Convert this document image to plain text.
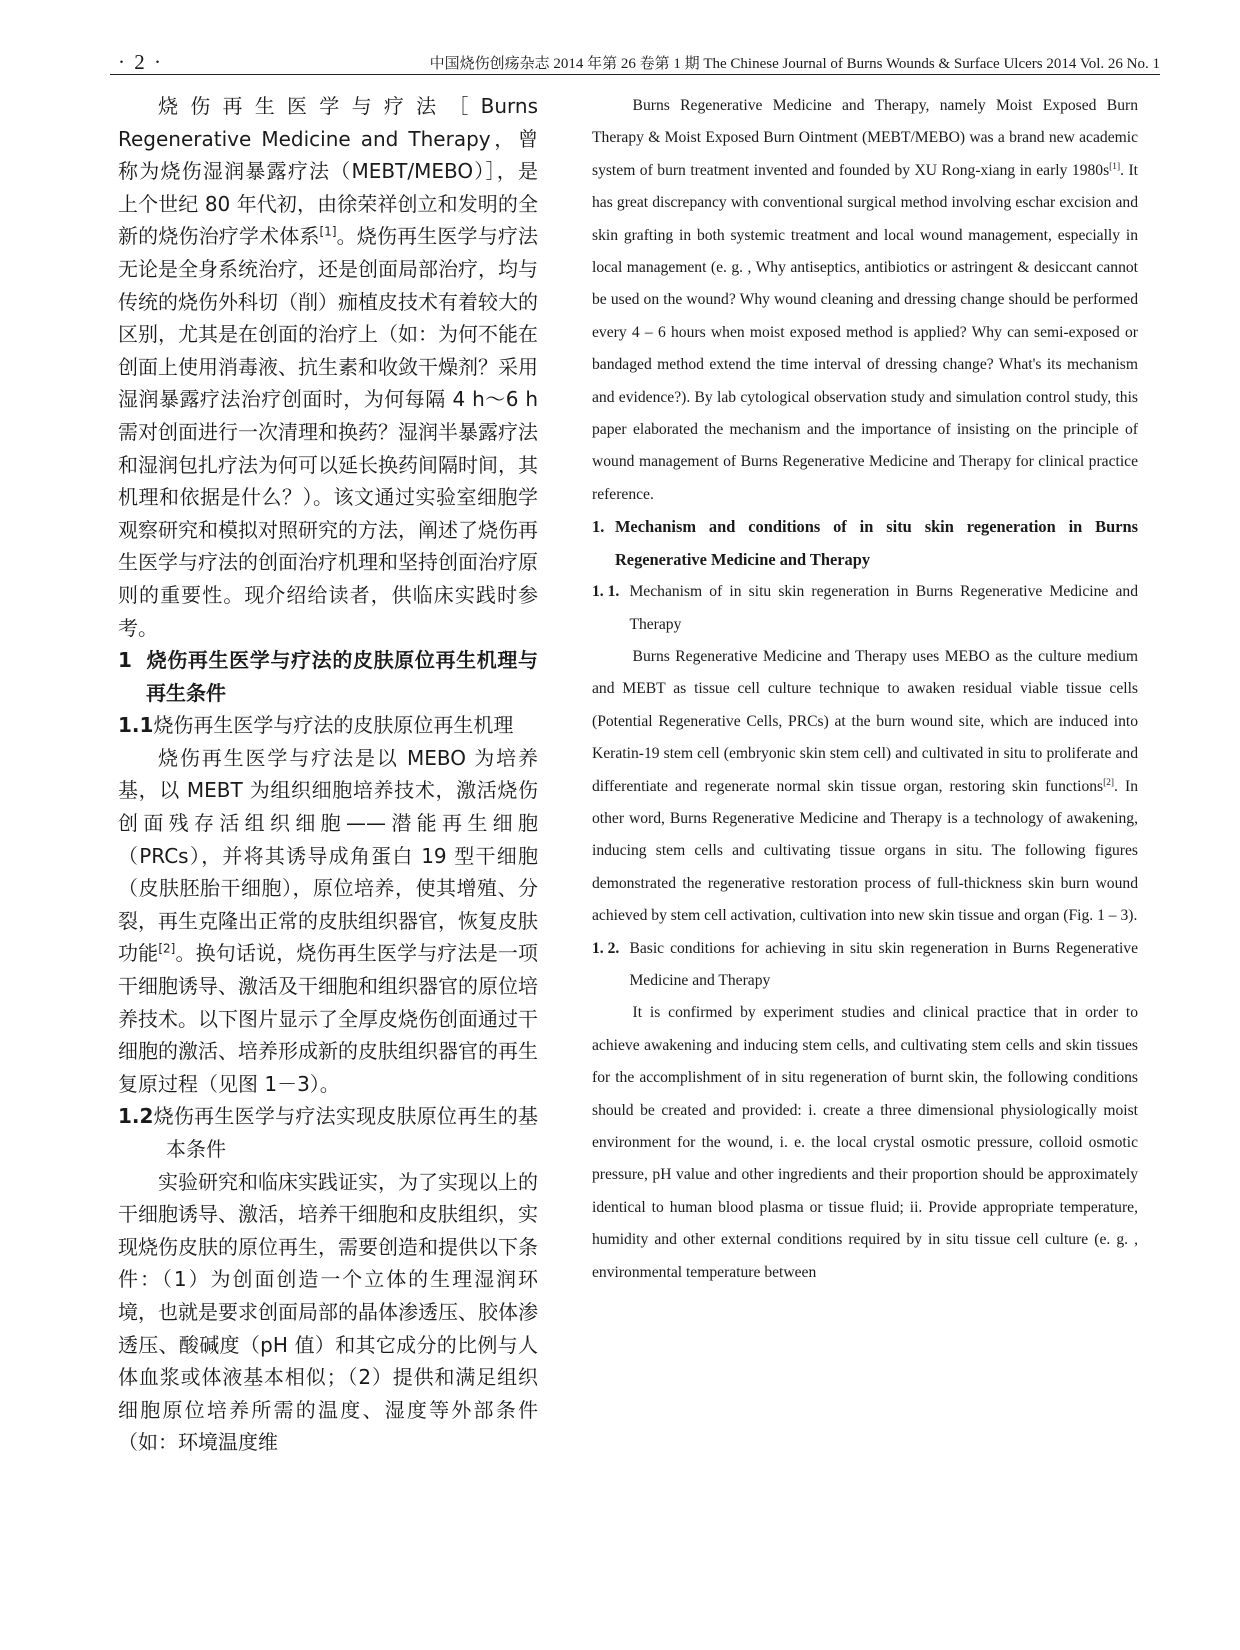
· 2 ·	中国烧伤创疡杂志 2014 年第 26 卷第 1 期 The Chinese Journal of Burns Wounds & Surface Ulcers 2014 Vol. 26 No. 1

烧伤再生医学与疗法［Burns Regenerative Medicine and Therapy，曾称为烧伤湿润暴露疗法（MEBT/MEBO）］，是上个世纪 80 年代初，由徐荣祥创立和发明的全新的烧伤治疗学术体系[1]。烧伤再生医学与疗法无论是全身系统治疗，还是创面局部治疗，均与传统的烧伤外科切（削）痂植皮技术有着较大的区别，尤其是在创面的治疗上（如：为何不能在创面上使用消毒液、抗生素和收敛干燥剂？采用湿润暴露疗法治疗创面时，为何每隔 4 h～6 h 需对创面进行一次清理和换药？湿润半暴露疗法和湿润包扎疗法为何可以延长换药间隔时间，其机理和依据是什么？）。该文通过实验室细胞学观察研究和模拟对照研究的方法，阐述了烧伤再生医学与疗法的创面治疗机理和坚持创面治疗原则的重要性。现介绍给读者，供临床实践时参考。

1 烧伤再生医学与疗法的皮肤原位再生机理与再生条件

1.1烧伤再生医学与疗法的皮肤原位再生机理

烧伤再生医学与疗法是以 MEBO 为培养基，以 MEBT 为组织细胞培养技术，激活烧伤创面残存活组织细胞——潜能再生细胞（PRCs），并将其诱导成角蛋白 19 型干细胞（皮肤胚胎干细胞），原位培养，使其增殖、分裂，再生克隆出正常的皮肤组织器官，恢复皮肤功能[2]。换句话说，烧伤再生医学与疗法是一项干细胞诱导、激活及干细胞和组织器官的原位培养技术。以下图片显示了全厚皮烧伤创面通过干细胞的激活、培养形成新的皮肤组织器官的再生复原过程（见图 1－3）。

1.2烧伤再生医学与疗法实现皮肤原位再生的基本条件

实验研究和临床实践证实，为了实现以上的干细胞诱导、激活，培养干细胞和皮肤组织，实现烧伤皮肤的原位再生，需要创造和提供以下条件：（1）为创面创造一个立体的生理湿润环境，也就是要求创面局部的晶体渗透压、胶体渗透压、酸碱度（pH 值）和其它成分的比例与人体血浆或体液基本相似；（2）提供和满足组织细胞原位培养所需的温度、湿度等外部条件（如：环境温度维

Burns Regenerative Medicine and Therapy, namely Moist Exposed Burn Therapy & Moist Exposed Burn Ointment (MEBT/MEBO) was a brand new academic system of burn treatment invented and founded by XU Rong-xiang in early 1980s[1]. It has great discrepancy with conventional surgical method involving eschar excision and skin grafting in both systemic treatment and local wound management, especially in local management (e. g. , Why antiseptics, antibiotics or astringent & desiccant cannot be used on the wound? Why wound cleaning and dressing change should be performed every 4 – 6 hours when moist exposed method is applied? Why can semi-exposed or bandaged method extend the time interval of dressing change? What's its mechanism and evidence?). By lab cytological observation study and simulation control study, this paper elaborated the mechanism and the importance of insisting on the principle of wound management of Burns Regenerative Medicine and Therapy for clinical practice reference.

1. Mechanism and conditions of in situ skin regeneration in Burns Regenerative Medicine and Therapy

1. 1. Mechanism of in situ skin regeneration in Burns Regenerative Medicine and Therapy

Burns Regenerative Medicine and Therapy uses MEBO as the culture medium and MEBT as tissue cell culture technique to awaken residual viable tissue cells (Potential Regenerative Cells, PRCs) at the burn wound site, which are induced into Keratin-19 stem cell (embryonic skin stem cell) and cultivated in situ to proliferate and differentiate and regenerate normal skin tissue organ, restoring skin functions[2]. In other word, Burns Regenerative Medicine and Therapy is a technology of awakening, inducing stem cells and cultivating tissue organs in situ. The following figures demonstrated the regenerative restoration process of full-thickness skin burn wound achieved by stem cell activation, cultivation into new skin tissue and organ (Fig. 1 – 3).

1. 2. Basic conditions for achieving in situ skin regeneration in Burns Regenerative Medicine and Therapy

It is confirmed by experiment studies and clinical practice that in order to achieve awakening and inducing stem cells, and cultivating stem cells and skin tissues for the accomplishment of in situ regeneration of burnt skin, the following conditions should be created and provided: i. create a three dimensional physiologically moist environment for the wound, i. e. the local crystal osmotic pressure, colloid osmotic pressure, pH value and other ingredients and their proportion should be approximately identical to human blood plasma or tissue fluid; ii. Provide appropriate temperature, humidity and other external conditions required by in situ tissue cell culture (e. g. , environmental temperature between
